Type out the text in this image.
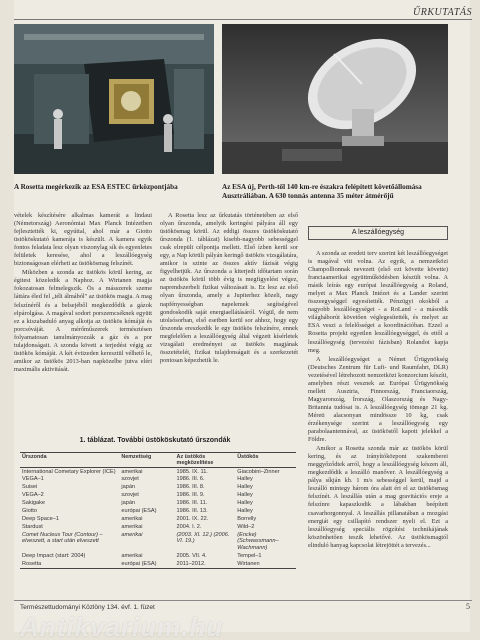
ŰRKUTATÁS
A Rosetta megérkezik az ESA ESTEC űrközpontjába	Az ESA új, Perth-től 140 km-re északra felépített követőállomása Ausztráliában. A 630 tonnás antenna 35 méter átmérőjű

vételek készítésére alkalmas kamerát a lindaui (Németország) Aeronómiai Max Planck Intézetben fejlesztették ki, egyúttal, ahol már a Giotto üstököskutató kamerája is készült. A kamera egyik fontos feladata lesz olyan viszonylag sík és egyenletes felületek keresése, ahol a leszállóegység biztonságosan elérheti az üstökösmag felszínét.

Miközben a szonda az üstökös körül kering, az égitest közeledik a Naphoz. A Wirtanen magja fokozatosan felmelegszik. Ös a másszerek szeme láttára éled fel „téli álmából" az üstökös magja. A mag felszínéről és a belsejéből megkezdődik a gázok elpárolgása. A magával sodort porszemcséknek együtt ez a kiszabaduló anyag alkotja az üstökös kómáját és porcsóváját. A mérőműszerek természtésen folyamatosan tanulmányozzák a gáz és a por tulajdonságait. A szonda követi a terjedést végig az üstökös kómáját. A két évtizeden keresztül vélhető le, amikor az üstökös 2013-ban napközelbe jutva eléri maximális aktivitását.

A Rosetta lesz az űrkutatás történetében az első olyan űrszonda, amelyik keringési pályára áll egy üstökösmag körül. Az eddigi összes üstököskutató űrszonda (1. táblázat) kisebb-nagyobb sebességgel csak elrepült célpontja mellett. Első ízben kerül sor egy, a Nap körüli pályán keringő üstökös vizsgálatára, amikor is szinte az összes aktív fázisát végig figyelhetjük. Az űrszonda a kiterjedt időtartam során az üstökös körül több évig is megfigyelést végez, naprendszerbeli fizikai változásait is. Ez lesz az első olyan űrszonda, amely a Jupiterhez közeli, nagy napfényességban napelemek segítségével gondoskodik saját energiaellátásáról. Végül, de nem utolsósorban, első esetben kerül sor ahhoz, hogy egy űrszonda ereszkedik le egy üstökös felszínére, ennek megfelelően a leszállóegység által végzett kísérletek vizsgálati eredményei az üstökös magjának összetételét, fizikai tulajdonságait és a szerkezetét pontosan képezhetik le.

A leszállóegység

A szonda az eredeti terv szerint két leszállóegységet is magával vitt volna. Az egyik, a nemzetközi Champollionnak nevezett (első ezt követte követte) franciaamerikai együttműködésben készült volna. A másik leírás egy európai leszállóegység a Roland, melyet a Max Planck Intézet és a Lander szerint összeegységgel egyesítették. Pénzügyi okokból a nagyobb leszállóegységet - a RoLand - a második világháborút követően véglegesítették, és melyet az ESA veszi a felelősséget a koordinációban. Ezzel a Rosetta projekt egyetlen leszállóegységgel, és ettől a leszállóegység (tervezési fázisban) Rolandot kapja meg.

A leszállóegységet a Német Űrügynökség (Deutsches Zentrum für Luft- und Raumfahrt, DLR) vezetésével létrehozott nemzetközi konzorcium készíti, amelyben részt vesznek az Európai Űrügynökség mellett Ausztria, Finnország, Franciaország, Magyarország, Írország, Olaszország és Nagy-Britannia tudósai is. A leszállóegység tömege 21 kg. Méreti alacsonyan mindössze 10 kg, csak érzékenysége szerint a leszállóegység egy parabolaantennával, az üstököstől kapott jelekkel a Földre.

Amikor a Rosetta szonda már az üstökös körül kering, és az irányítóközpont szakemberei meggyőződtek arról, hogy a leszállóegység készen áll, megkezdődik a leszálló manőver. A leszállóegység a pálya síkján kb. 1 m/s sebességgel kerül, majd a leszálló mintegy három óra alatt éri el az üstökösmag felszínét. A leszállás után a mag gravitációs ereje a felszínre kapaszkodik a lábakban beépített csavarhorgonnyal. A leszállás pillanatában a mozgási energiát egy csillapító rendszer nyeli el. Ezt a leszállóegység speciális rögzítési technikájának köszönhetően teszik lehetővé. Az üstökösmagtól elinduló hanyag kapcsolat létrejöttét a tervezés...

1. táblázat. További üstököskutató űrszondák
Űrszonda	Nemzetiség	Az üstökös megközelítése	Üstökös
International Cometary Explorer (ICE)	amerikai	1985. IX. 11.	Giacobini–Zinner
VEGA–1	szovjet	1986. III. 6.	Halley
Suisei	japán	1986. III. 8.	Halley
VEGA–2	szovjet	1986. III. 9.	Halley
Sakigake	japán	1986. III. 11.	Halley
Giotto	európai (ESA)	1986. III. 13.	Halley
Deep Space–1	amerikai	2001. IX. 22.	Borrelly
Stardust	amerikai	2004. I. 2.	Wild–2
Comet Nucleus Tour (Contour) – elveszett, a start után elveszett	amerikai	(2003. XI. 12.) (2006. VI. 19.)	(Encke) (Schwassmann–Wachmann)
Deep Impact (start: 2004)	amerikai	2005. VII. 4.	Tempel–1
Rosetta	európai (ESA)	2011–2012.	Wirtanen
Természettudományi Közlöny 134. évf. 1. füzet	5
Antikvarium.hu
